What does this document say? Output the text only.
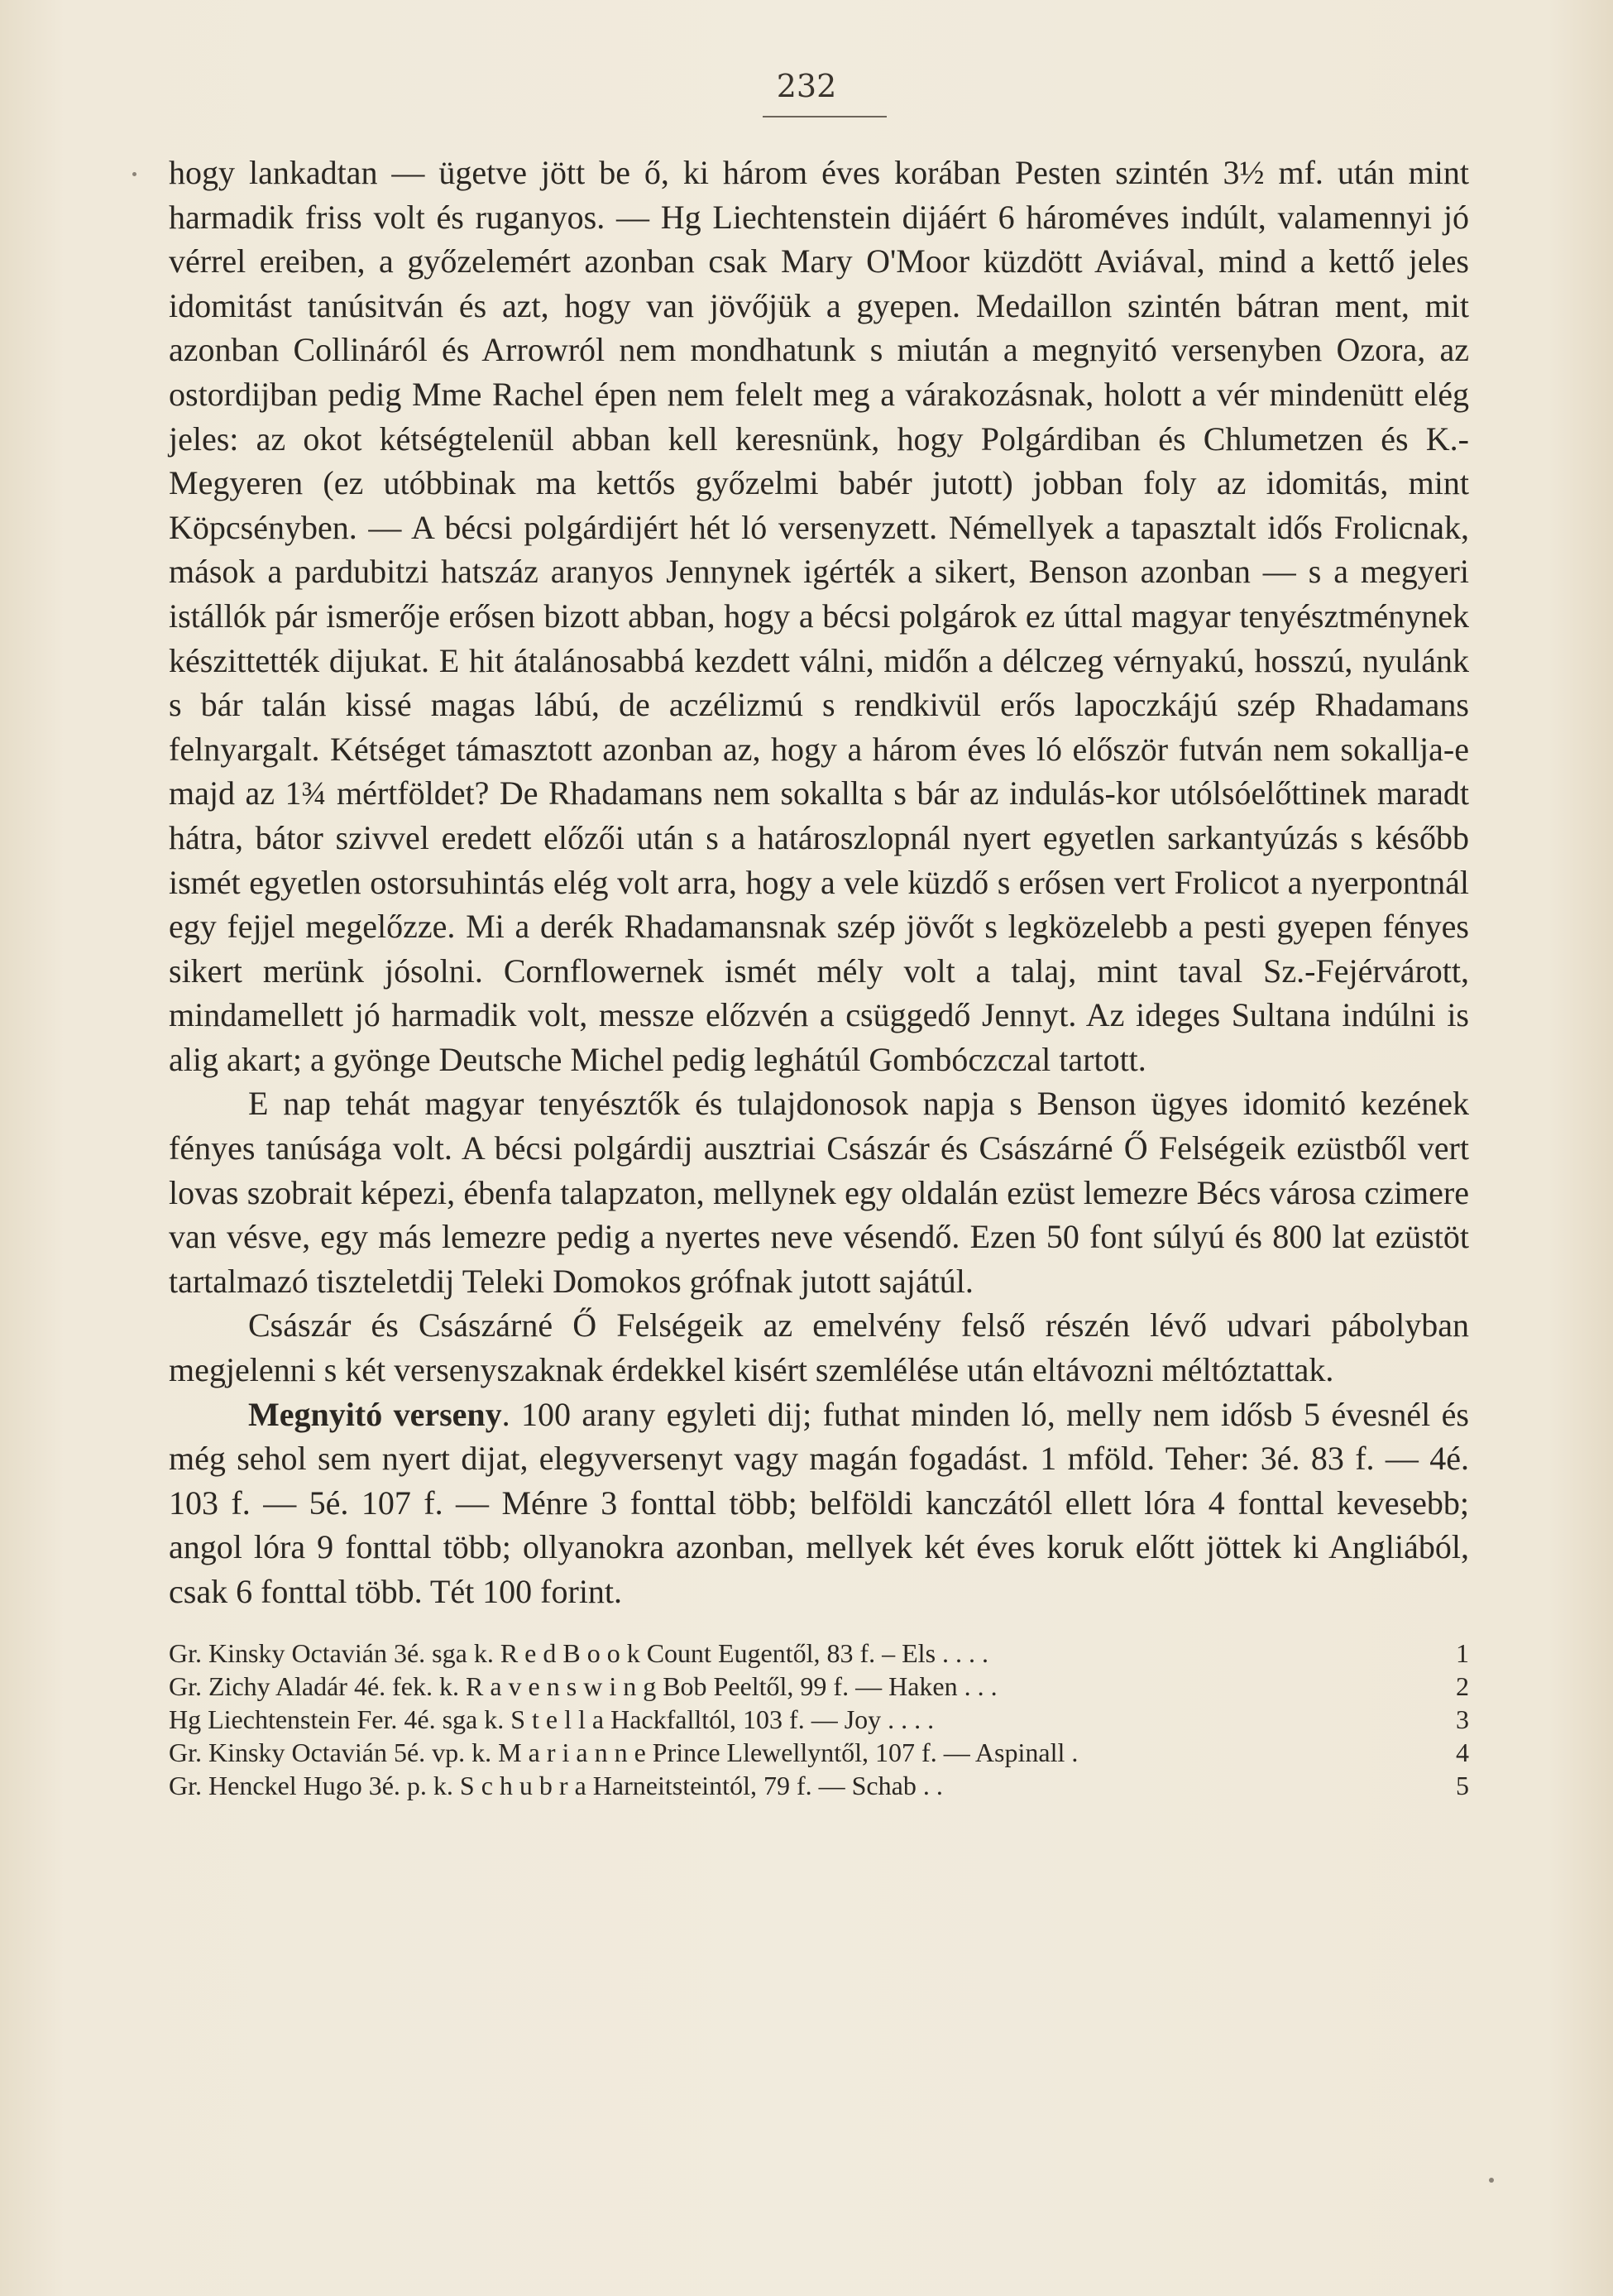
232

hogy lankadtan — ügetve jött be ő, ki három éves korában Pesten szintén 3½ mf. után mint harmadik friss volt és ruganyos. — Hg Liechtenstein dijáért 6 hároméves indúlt, valamennyi jó vérrel ereiben, a győzelemért azonban csak Mary O'Moor küzdött Aviával, mind a kettő jeles idomitást tanúsitván és azt, hogy van jövőjük a gyepen. Medaillon szintén bátran ment, mit azonban Collináról és Arrowról nem mondhatunk s miután a megnyitó versenyben Ozora, az ostordijban pedig Mme Rachel épen nem felelt meg a várakozásnak, holott a vér mindenütt elég jeles: az okot kétségtelenül abban kell keresnünk, hogy Polgárdiban és Chlumetzen és K.-Megyeren (ez utóbbinak ma kettős győzelmi babér jutott) jobban foly az idomitás, mint Köpcsényben. — A bécsi polgárdijért hét ló versenyzett. Némellyek a tapasztalt idős Frolicnak, mások a pardubitzi hatszáz aranyos Jennynek igérték a sikert, Benson azonban — s a megyeri istállók pár ismerője erősen bizott abban, hogy a bécsi polgárok ez úttal magyar tenyésztménynek készittették dijukat. E hit átalánosabbá kezdett válni, midőn a délczeg vérnyakú, hosszú, nyulánk s bár talán kissé magas lábú, de aczélizmú s rendkivül erős lapoczkájú szép Rhadamans felnyargalt. Kétséget támasztott azonban az, hogy a három éves ló először futván nem sokallja-e majd az 1¾ mértföldet? De Rhadamans nem sokallta s bár az indulás-kor utólsóelőttinek maradt hátra, bátor szivvel eredett előzői után s a határoszlopnál nyert egyetlen sarkantyúzás s később ismét egyetlen ostorsuhintás elég volt arra, hogy a vele küzdő s erősen vert Frolicot a nyerpontnál egy fejjel megelőzze. Mi a derék Rhadamansnak szép jövőt s legközelebb a pesti gyepen fényes sikert merünk jósolni. Cornflowernek ismét mély volt a talaj, mint taval Sz.-Fejérvárott, mindamellett jó harmadik volt, messze előzvén a csüggedő Jennyt. Az ideges Sultana indúlni is alig akart; a gyönge Deutsche Michel pedig leghátúl Gombóczczal tartott.

E nap tehát magyar tenyésztők és tulajdonosok napja s Benson ügyes idomitó kezének fényes tanúsága volt. A bécsi polgárdij ausztriai Császár és Császárné Ő Felségeik ezüstből vert lovas szobrait képezi, ébenfa talapzaton, mellynek egy oldalán ezüst lemezre Bécs városa czimere van vésve, egy más lemezre pedig a nyertes neve vésendő. Ezen 50 font súlyú és 800 lat ezüstöt tartalmazó tiszteletdij Teleki Domokos grófnak jutott sajátúl.

Császár és Császárné Ő Felségeik az emelvény felső részén lévő udvari pábolyban megjelenni s két versenyszaknak érdekkel kisért szemlélése után eltávozni méltóztattak.

Megnyitó verseny. 100 arany egyleti dij; futhat minden ló, melly nem idősb 5 évesnél és még sehol sem nyert dijat, elegyversenyt vagy magán fogadást. 1 mföld. Teher: 3é. 83 f. — 4é. 103 f. — 5é. 107 f. — Ménre 3 fonttal több; belföldi kanczától ellett lóra 4 fonttal kevesebb; angol lóra 9 fonttal több; ollyanokra azonban, mellyek két éves koruk előtt jöttek ki Angliából, csak 6 fonttal több. Tét 100 forint.

Gr. Kinsky Octavián 3é. sga k. R e d B o o k Count Eugentől, 83 f. – Els . . . .	1
Gr. Zichy Aladár 4é. fek. k. R a v e n s w i n g Bob Peeltől, 99 f. — Haken . . .	2
Hg Liechtenstein Fer. 4é. sga k. S t e l l a Hackfalltól, 103 f. — Joy . . . .	3
Gr. Kinsky Octavián 5é. vp. k. M a r i a n n e Prince Llewellyntől, 107 f. — Aspinall .	4
Gr. Henckel Hugo 3é. p. k. S c h u b r a Harneitsteintól, 79 f. — Schab . .	5
